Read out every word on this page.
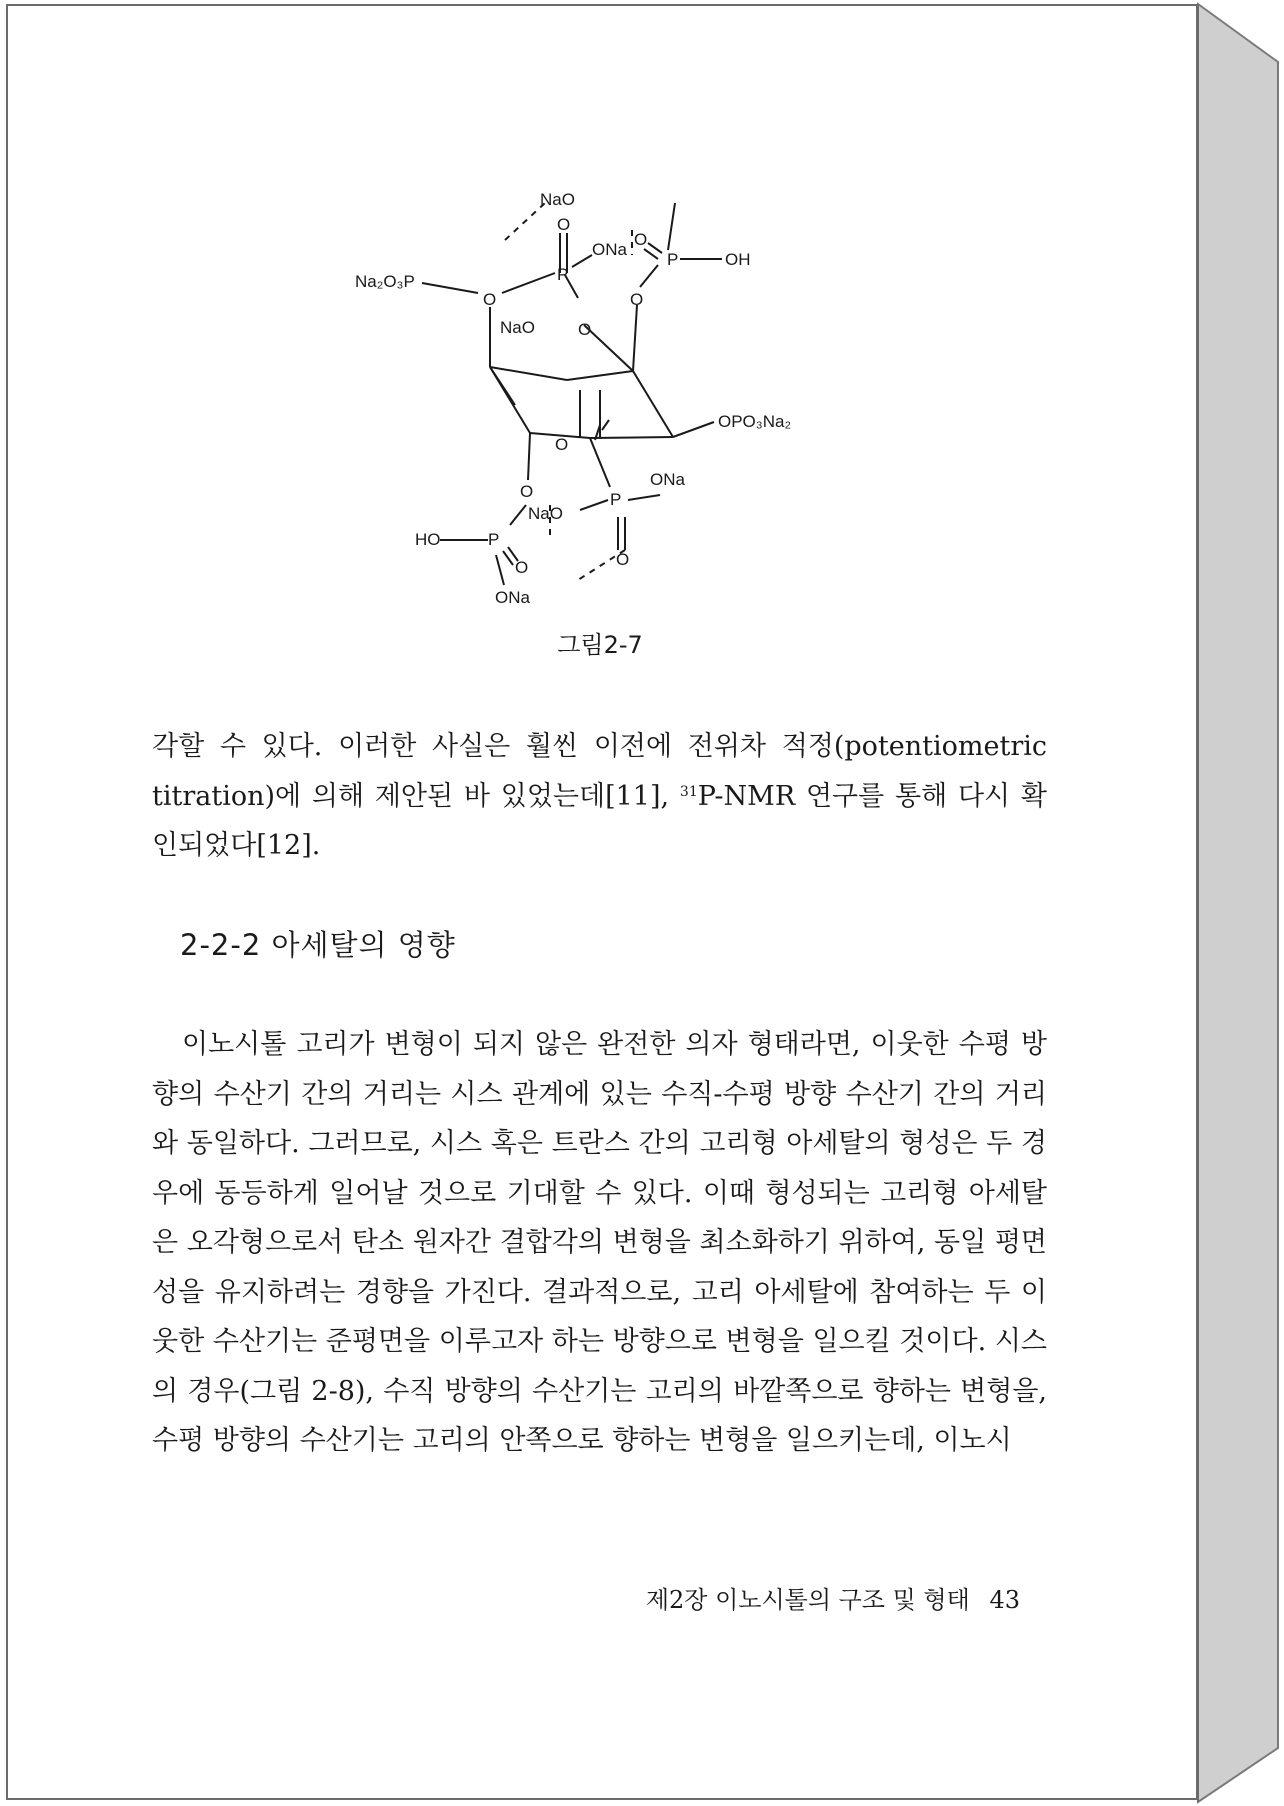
NaO
OH
O
O
ONa
P
P
Na₂O₃P
O
NaO
O
O
OPO₃Na₂
O
O	P
ONa
HO	P
NaO
O
O
ONa
그림2-7

각할 수 있다. 이러한 사실은 훨씬 이전에 전위차 적정(potentiometric titration)에 의해 제안된 바 있었는데[11], $^{31}$P-NMR 연구를 통해 다시 확인되었다[12].

2-2-2 아세탈의 영향

이노시톨 고리가 변형이 되지 않은 완전한 의자 형태라면, 이웃한 수평 방향의 수산기 간의 거리는 시스 관계에 있는 수직-수평 방향 수산기 간의 거리와 동일하다. 그러므로, 시스 혹은 트란스 간의 고리형 아세탈의 형성은 두 경우에 동등하게 일어날 것으로 기대할 수 있다. 이때 형성되는 고리형 아세탈은 오각형으로서 탄소 원자간 결합각의 변형을 최소화하기 위하여, 동일 평면성을 유지하려는 경향을 가진다. 결과적으로, 고리 아세탈에 참여하는 두 이웃한 수산기는 준평면을 이루고자 하는 방향으로 변형을 일으킬 것이다. 시스의 경우(그림 2-8), 수직 방향의 수산기는 고리의 바깥쪽으로 향하는 변형을, 수평 방향의 수산기는 고리의 안쪽으로 향하는 변형을 일으키는데, 이노시

제2장 이노시톨의 구조 및 형태 43
